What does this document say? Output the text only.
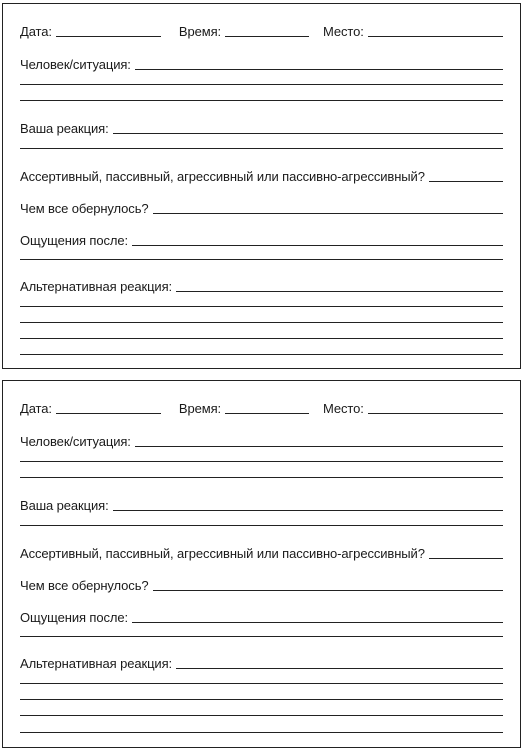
Дата:	Время:	Место:
Человек/ситуация:
Ваша реакция:
Ассертивный, пассивный, агрессивный или пассивно-агрессивный?
Чем все обернулось?
Ощущения после:
Альтернативная реакция:
Дата:	Время:	Место:
Человек/ситуация:
Ваша реакция:
Ассертивный, пассивный, агрессивный или пассивно-агрессивный?
Чем все обернулось?
Ощущения после:
Альтернативная реакция:
